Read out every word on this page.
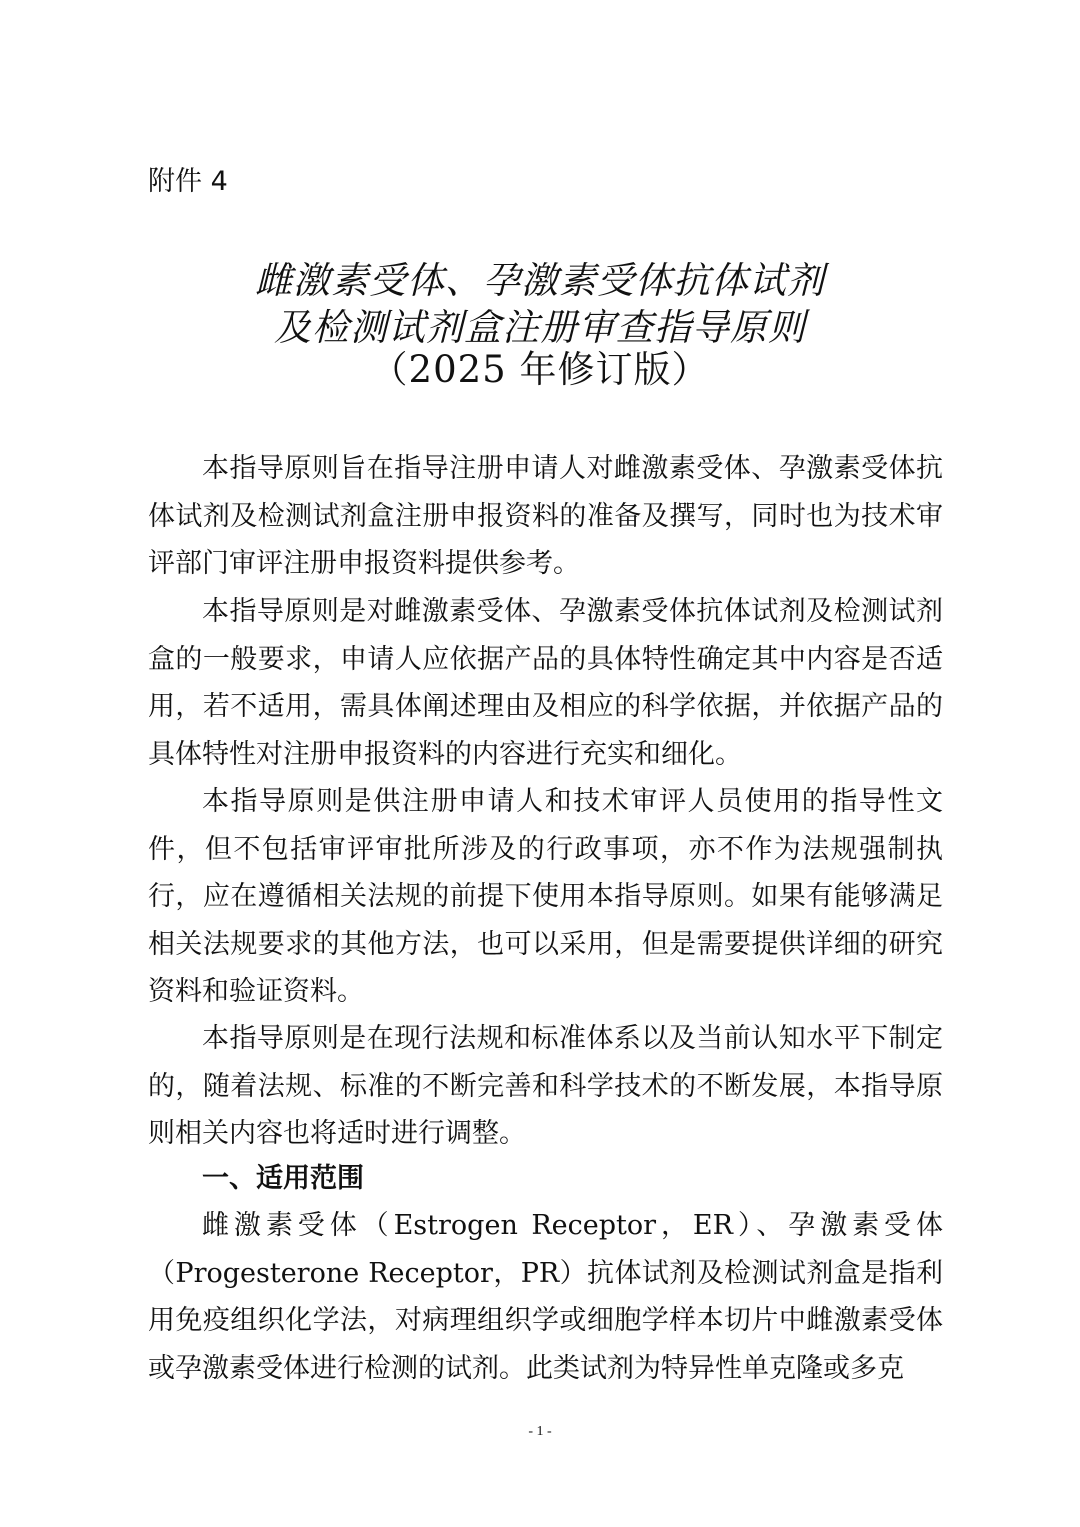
附件 4
雌激素受体、孕激素受体抗体试剂
及检测试剂盒注册审查指导原则
（2025 年修订版）

本指导原则旨在指导注册申请人对雌激素受体、孕激素受体抗体试剂及检测试剂盒注册申报资料的准备及撰写，同时也为技术审评部门审评注册申报资料提供参考。

本指导原则是对雌激素受体、孕激素受体抗体试剂及检测试剂盒的一般要求，申请人应依据产品的具体特性确定其中内容是否适用，若不适用，需具体阐述理由及相应的科学依据，并依据产品的具体特性对注册申报资料的内容进行充实和细化。

本指导原则是供注册申请人和技术审评人员使用的指导性文件，但不包括审评审批所涉及的行政事项，亦不作为法规强制执行，应在遵循相关法规的前提下使用本指导原则。如果有能够满足相关法规要求的其他方法，也可以采用，但是需要提供详细的研究资料和验证资料。

本指导原则是在现行法规和标准体系以及当前认知水平下制定的，随着法规、标准的不断完善和科学技术的不断发展，本指导原则相关内容也将适时进行调整。

一、适用范围

雌激素受体（Estrogen Receptor，ER）、孕激素受体（Progesterone Receptor，PR）抗体试剂及检测试剂盒是指利用免疫组织化学法，对病理组织学或细胞学样本切片中雌激素受体或孕激素受体进行检测的试剂。此类试剂为特异性单克隆或多克

- 1 -
